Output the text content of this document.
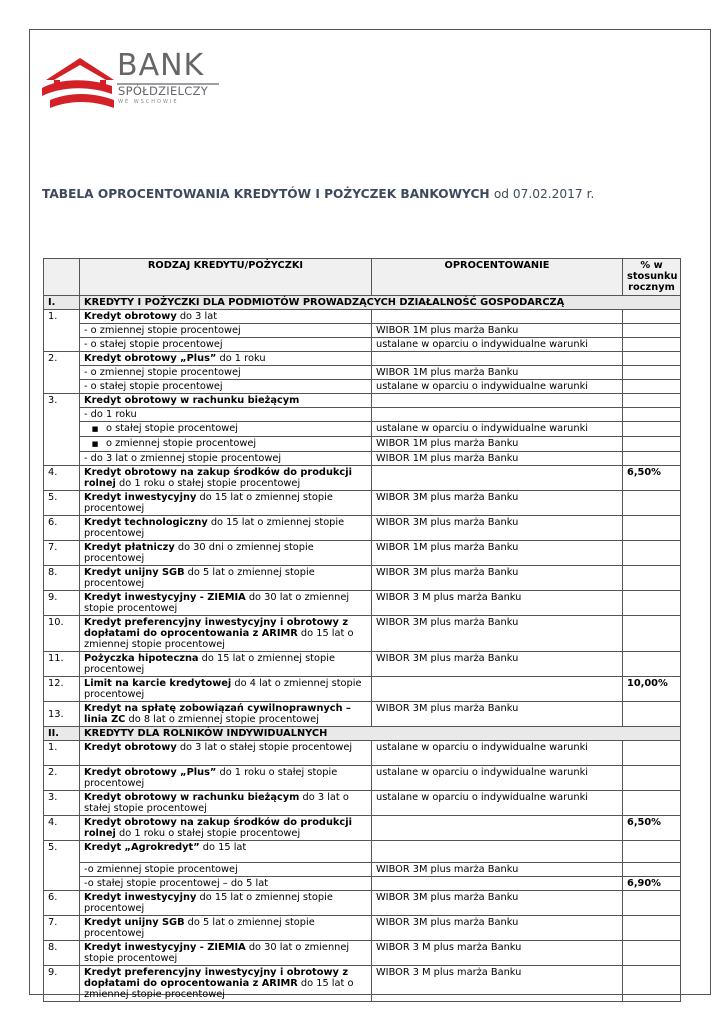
BANK
SPÓŁDZIELCZY
WE WSCHOWIE
TABELA OPROCENTOWANIA KREDYTÓW I POŻYCZEK BANKOWYCH od 07.02.2017 r.
	RODZAJ KREDYTU/POŻYCZKI	OPROCENTOWANIE	% w
stosunku
rocznym
I.	KREDYTY I POŻYCZKI DLA PODMIOTÓW PROWADZĄCYCH DZIAŁALNOŚĆ GOSPODARCZĄ		
1.	Kredyt obrotowy do 3 lat		
	- o zmiennej stopie procentowej	WIBOR 1M plus marża Banku	
	- o stałej stopie procentowej	ustalane w oparciu o indywidualne warunki	
2.	Kredyt obrotowy „Plus” do 1 roku		
	- o zmiennej stopie procentowej	WIBOR 1M plus marża Banku	
	- o stałej stopie procentowej	ustalane w oparciu o indywidualne warunki	
3.	Kredyt obrotowy w rachunku bieżącym		
	- do 1 roku		
	■ o stałej stopie procentowej	ustalane w oparciu o indywidualne warunki	
	■ o zmiennej stopie procentowej	WIBOR 1M plus marża Banku	
	- do 3 lat o zmiennej stopie procentowej	WIBOR 1M plus marża Banku	
4.	Kredyt obrotowy na zakup środków do produkcji rolnej do 1 roku o stałej stopie procentowej		6,50%
5.	Kredyt inwestycyjny do 15 lat o zmiennej stopie procentowej	WIBOR 3M plus marża Banku	
6.	Kredyt technologiczny do 15 lat o zmiennej stopie procentowej	WIBOR 3M plus marża Banku	
7.	Kredyt płatniczy do 30 dni o zmiennej stopie procentowej	WIBOR 1M plus marża Banku	
8.	Kredyt unijny SGB do 5 lat o zmiennej stopie procentowej	WIBOR 3M plus marża Banku	
9.	Kredyt inwestycyjny - ZIEMIA do 30 lat o zmiennej stopie procentowej	WIBOR 3 M plus marża Banku	
10.	Kredyt preferencyjny inwestycyjny i obrotowy z dopłatami do oprocentowania z ARIMR do 15 lat o zmiennej stopie procentowej	WIBOR 3M plus marża Banku	
11.	Pożyczka hipoteczna do 15 lat o zmiennej stopie procentowej	WIBOR 3M plus marża Banku	
12.	Limit na karcie kredytowej do 4 lat o zmiennej stopie procentowej		10,00%
13.	Kredyt na spłatę zobowiązań cywilnoprawnych – linia ZC do 8 lat o zmiennej stopie procentowej	WIBOR 3M plus marża Banku	
II.	KREDYTY DLA ROLNIKÓW INDYWIDUALNYCH		
1.	Kredyt obrotowy do 3 lat o stałej stopie procentowej	ustalane w oparciu o indywidualne warunki	
2.	Kredyt obrotowy „Plus” do 1 roku o stałej stopie procentowej	ustalane w oparciu o indywidualne warunki	
3.	Kredyt obrotowy w rachunku bieżącym do 3 lat o stałej stopie procentowej	ustalane w oparciu o indywidualne warunki	
4.	Kredyt obrotowy na zakup środków do produkcji rolnej do 1 roku o stałej stopie procentowej		6,50%
5.	Kredyt „Agrokredyt” do 15 lat		
	-o zmiennej stopie procentowej	WIBOR 3M plus marża Banku	
	-o stałej stopie procentowej – do 5 lat		6,90%
6.	Kredyt inwestycyjny do 15 lat o zmiennej stopie procentowej	WIBOR 3M plus marża Banku	
7.	Kredyt unijny SGB do 5 lat o zmiennej stopie procentowej	WIBOR 3M plus marża Banku	
8.	Kredyt inwestycyjny - ZIEMIA do 30 lat o zmiennej stopie procentowej	WIBOR 3 M plus marża Banku	
9.	Kredyt preferencyjny inwestycyjny i obrotowy z dopłatami do oprocentowania z ARIMR do 15 lat o zmiennej stopie procentowej	WIBOR 3 M plus marża Banku	
